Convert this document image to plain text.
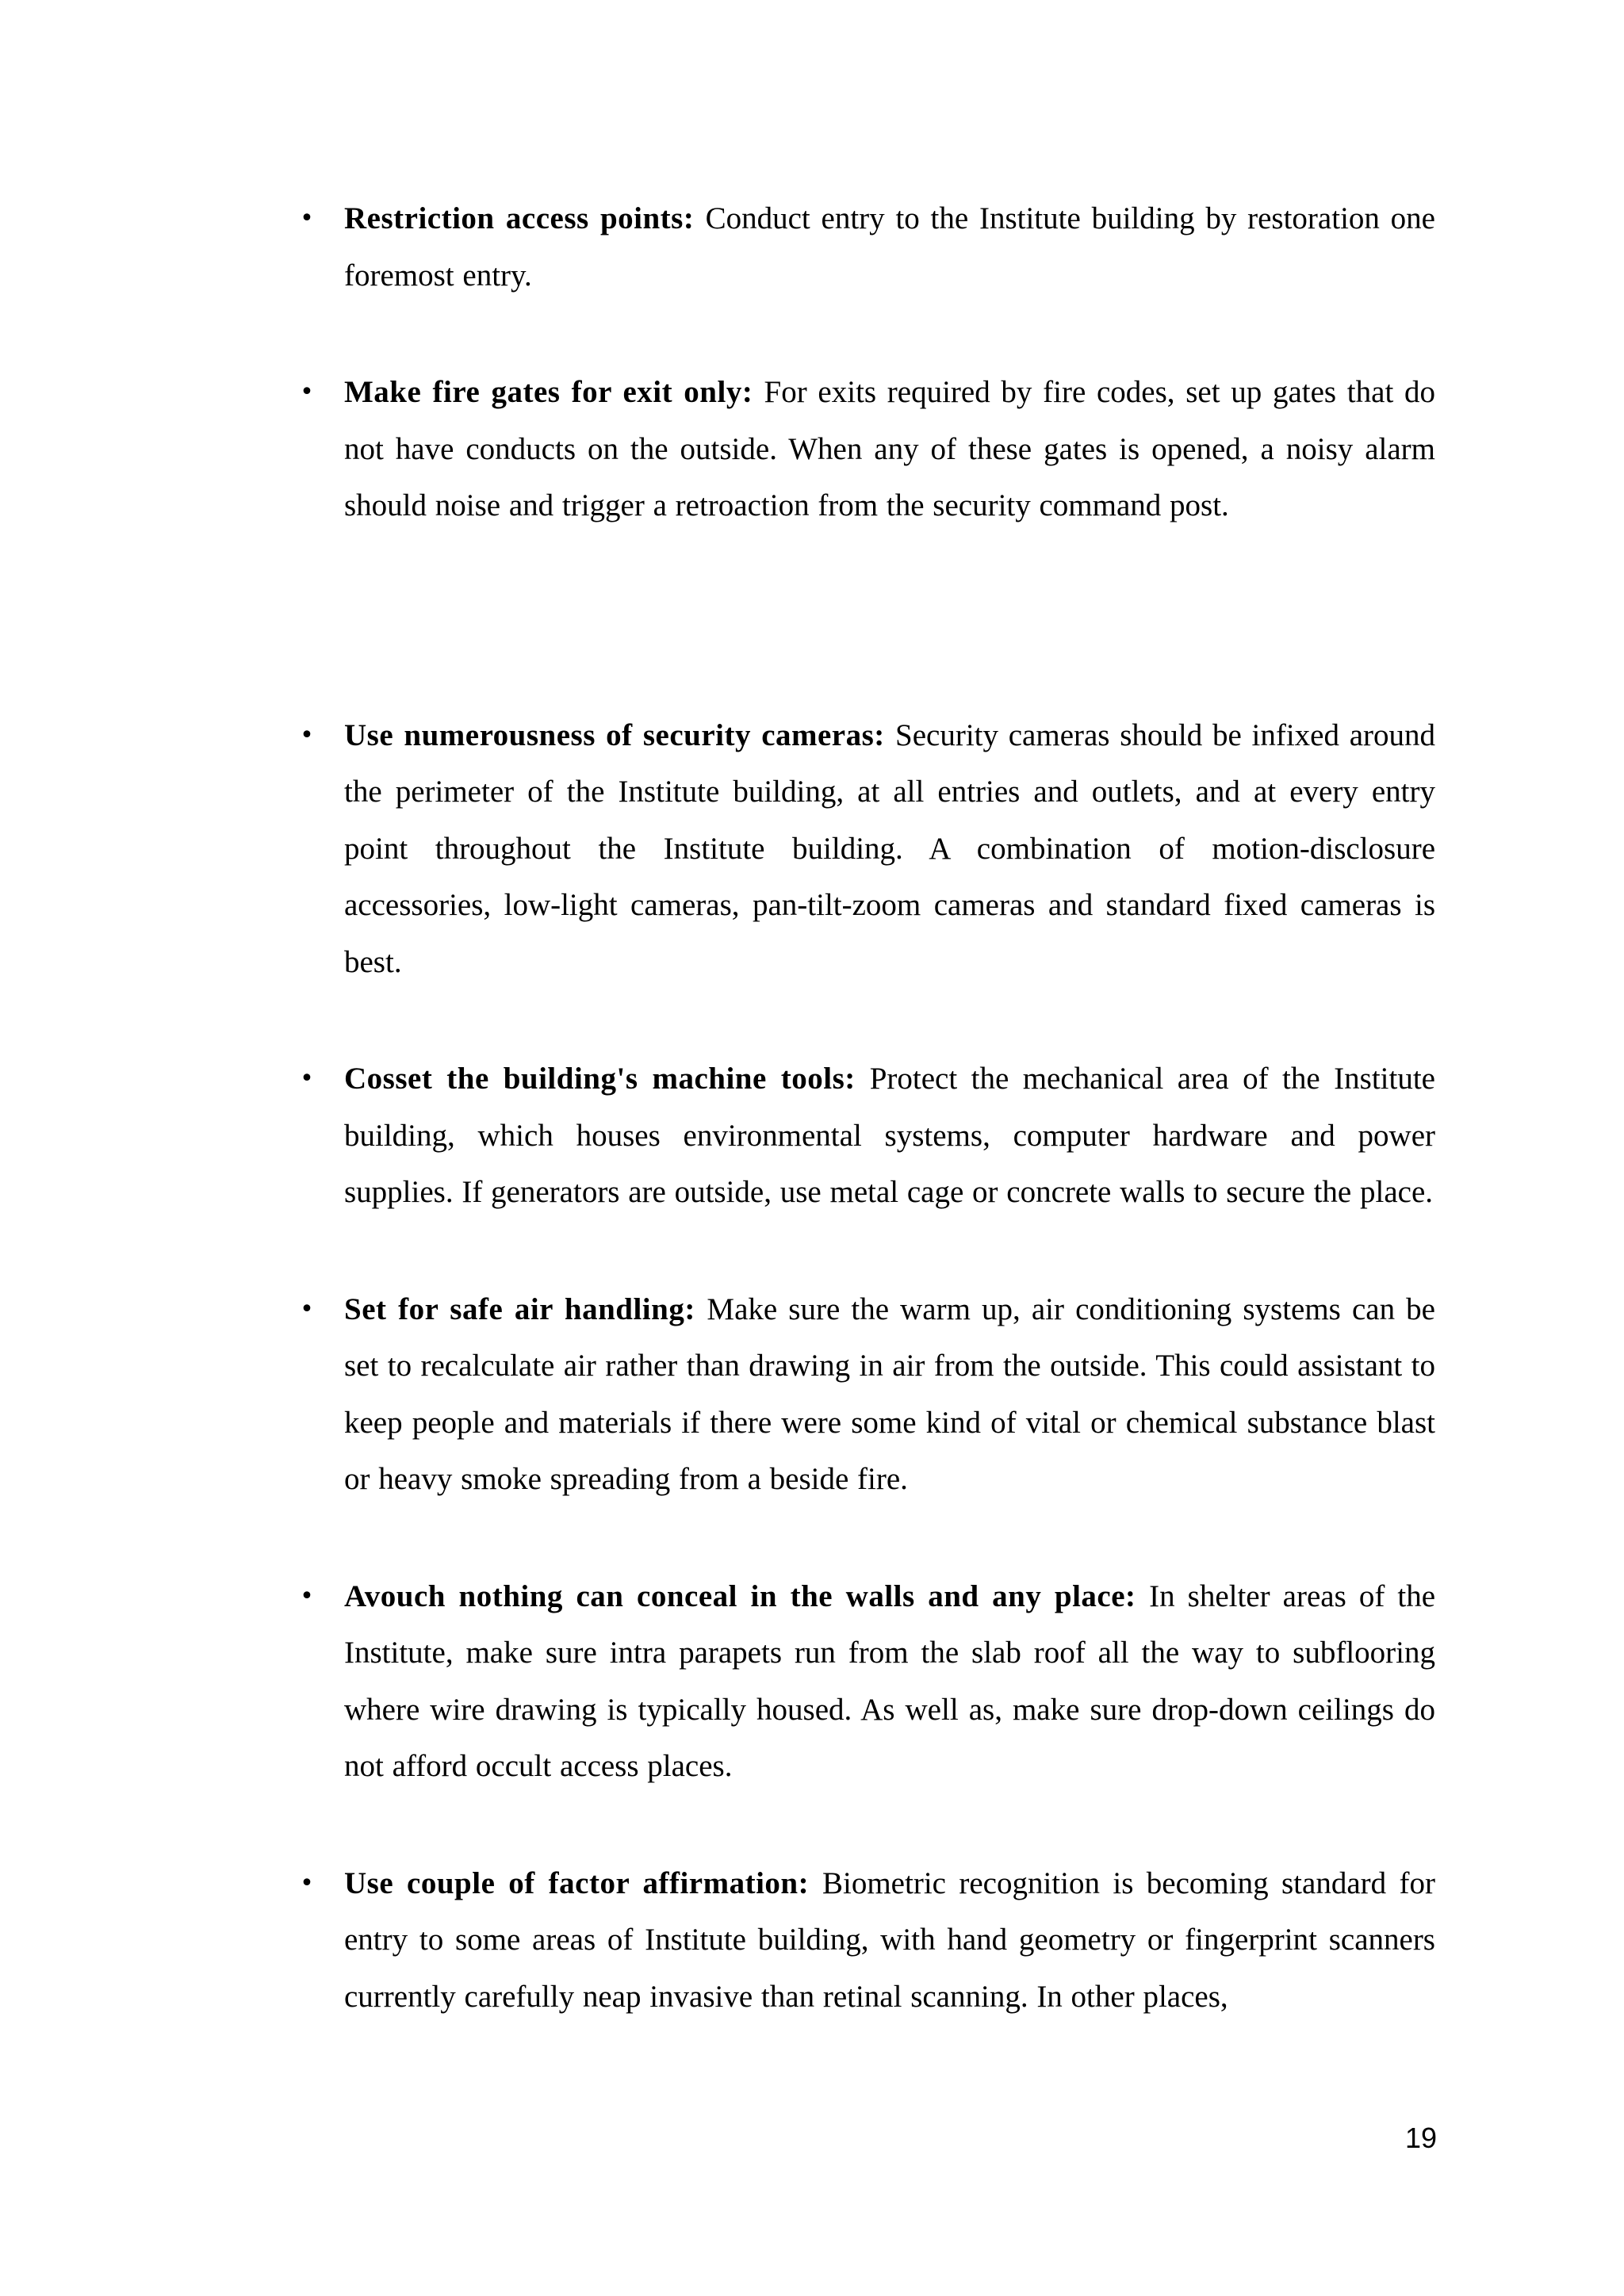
• Restriction access points: Conduct entry to the Institute building by restoration one foremost entry.
• Make fire gates for exit only: For exits required by fire codes, set up gates that do not have conducts on the outside. When any of these gates is opened, a noisy alarm should noise and trigger a retroaction from the security command post.
• Use numerousness of security cameras: Security cameras should be infixed around the perimeter of the Institute building, at all entries and outlets, and at every entry point throughout the Institute building. A combination of motion-disclosure accessories, low-light cameras, pan-tilt-zoom cameras and standard fixed cameras is best.
• Cosset the building's machine tools: Protect the mechanical area of the Institute building, which houses environmental systems, computer hardware and power supplies. If generators are outside, use metal cage or concrete walls to secure the place.
• Set for safe air handling: Make sure the warm up, air conditioning systems can be set to recalculate air rather than drawing in air from the outside. This could assistant to keep people and materials if there were some kind of vital or chemical substance blast or heavy smoke spreading from a beside fire.
• Avouch nothing can conceal in the walls and any place: In shelter areas of the Institute, make sure intra parapets run from the slab roof all the way to subflooring where wire drawing is typically housed. As well as, make sure drop-down ceilings do not afford occult access places.
• Use couple of factor affirmation: Biometric recognition is becoming standard for entry to some areas of Institute building, with hand geometry or fingerprint scanners currently carefully neap invasive than retinal scanning. In other places,
19
